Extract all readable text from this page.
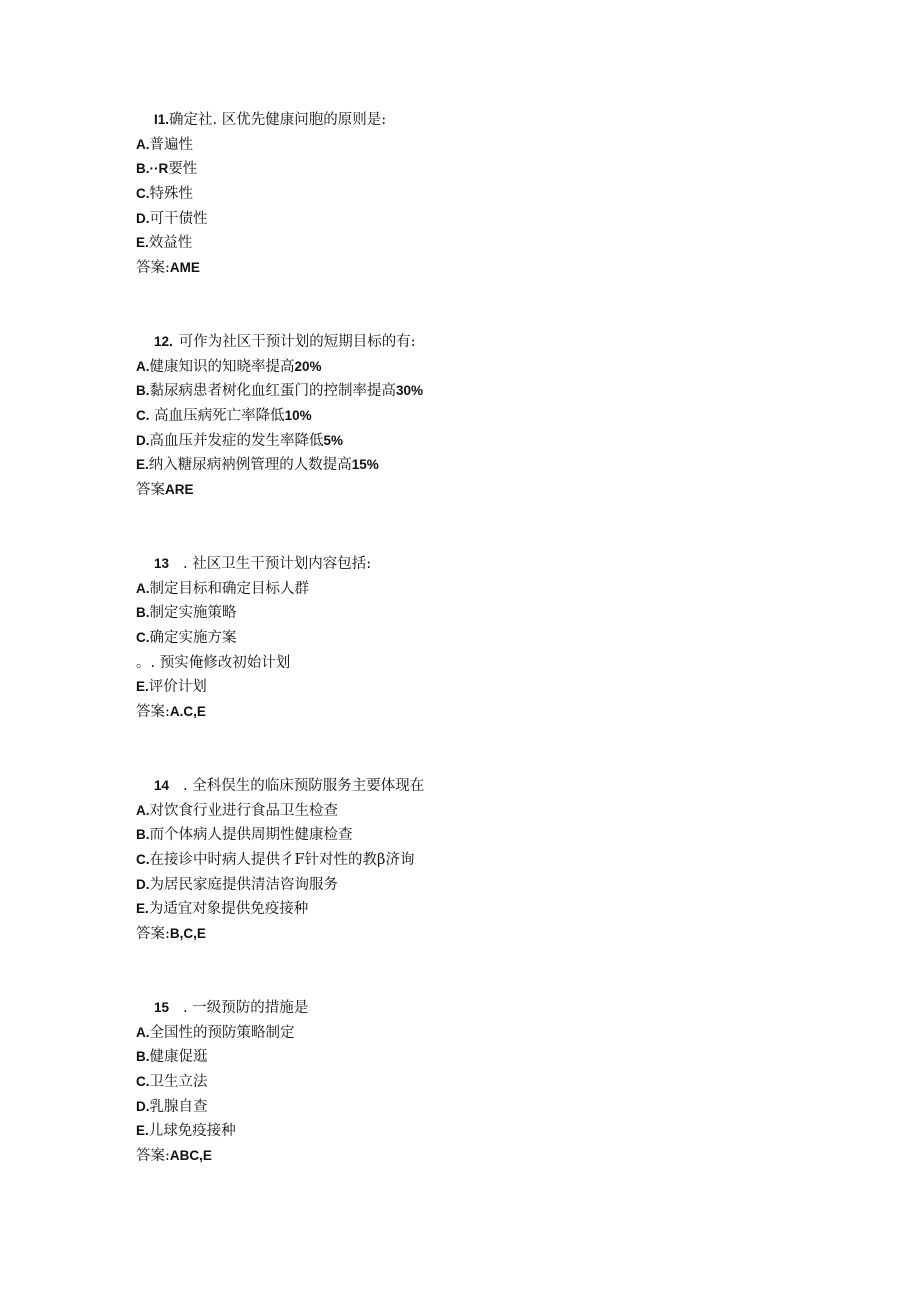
I1.确定社. 区优先健康问胞的原则是:
A.普遍性
B.··R要性
C.特殊性
D.可干债性
E.效益性
答案:AME
12. 可作为社区干预计划的短期目标的有:
A.健康知识的知晓率提高20%
B.黏尿病患者树化血红蛋门的控制率提高30%
C. 高血压病死亡率降低10%
D.高血压并发症的发生率降低5%
E.纳入糖尿病衲例管理的人数提高15%
答案ARE
13 . 社区卫生干预计划内容包括:
A.制定目标和确定目标人群
B.制定实施策略
C.确定实施方案
。. 预实俺修改初始计划
E.评价计划
答案:A.C,E
14 . 全科俣生的临床预防服务主要体现在
A.对饮食行业进行食品卫生检查
B.而个体病人提供周期性健康检查
C.在接诊中时病人提供彳F针对性的教β济询
D.为居民家庭提供清洁咨询服务
E.为适宜对象提供免疫接种
答案:B,C,E
15 . 一级预防的措施是
A.全国性的预防策略制定
B.健康促逛
C.卫生立法
D.乳腺自查
E.儿球免疫接种
答案:ABC,E
